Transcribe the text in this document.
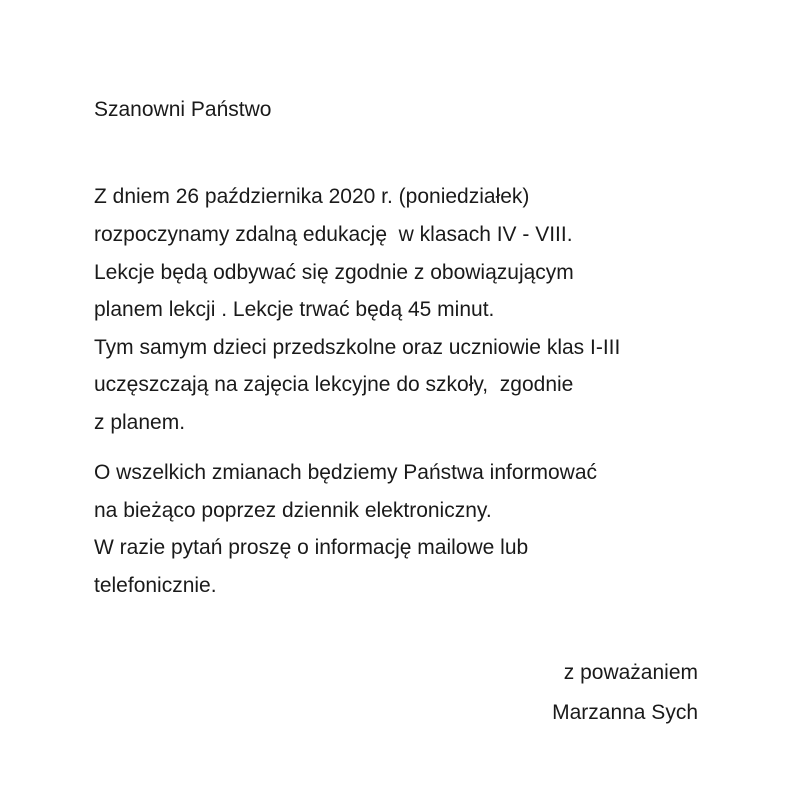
Szanowni Państwo
Z dniem 26 października 2020 r. (poniedziałek)
rozpoczynamy zdalną edukację  w klasach IV - VIII.
Lekcje będą odbywać się zgodnie z obowiązującym
planem lekcji . Lekcje trwać będą 45 minut.
Tym samym dzieci przedszkolne oraz uczniowie klas I-III
uczęszczają na zajęcia lekcyjne do szkoły,  zgodnie
z planem.
O wszelkich zmianach będziemy Państwa informować
na bieżąco poprzez dziennik elektroniczny.
W razie pytań proszę o informację mailowe lub
telefonicznie.
z poważaniem
Marzanna Sych
